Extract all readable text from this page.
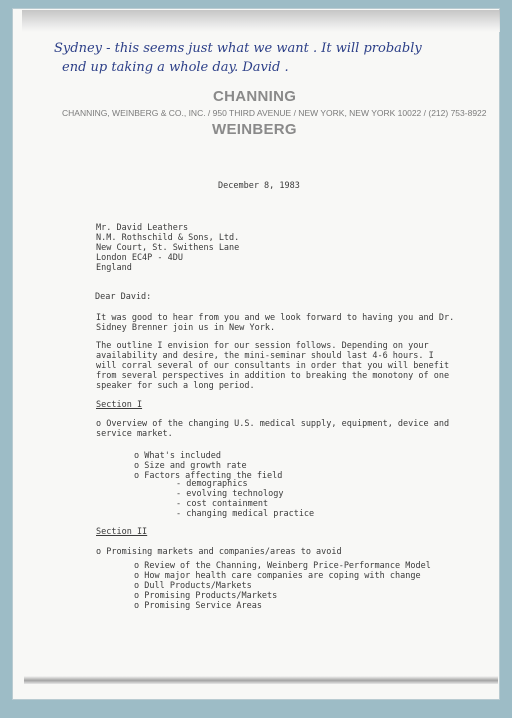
Sydney - this seems just what we want . It will probably
end up taking a whole day. David .
CHANNING
CHANNING, WEINBERG & CO., INC. / 950 THIRD AVENUE / NEW YORK, NEW YORK 10022 / (212) 753-8922
WEINBERG
December 8, 1983
Mr. David Leathers
N.M. Rothschild & Sons, Ltd.
New Court, St. Swithens Lane
London EC4P - 4DU
England
Dear David:
It was good to hear from you and we look forward to having you and Dr.
Sidney Brenner join us in New York.
The outline I envision for our session follows. Depending on your
availability and desire, the mini-seminar should last 4-6 hours. I
will corral several of our consultants in order that you will benefit
from several perspectives in addition to breaking the monotony of one
speaker for such a long period.
Section I
o Overview of the changing U.S. medical supply, equipment, device and
service market.
o What's included
o Size and growth rate
o Factors affecting the field
- demographics
- evolving technology
- cost containment
- changing medical practice
Section II
o Promising markets and companies/areas to avoid
o Review of the Channing, Weinberg Price-Performance Model
o How major health care companies are coping with change
o Dull Products/Markets
o Promising Products/Markets
o Promising Service Areas
